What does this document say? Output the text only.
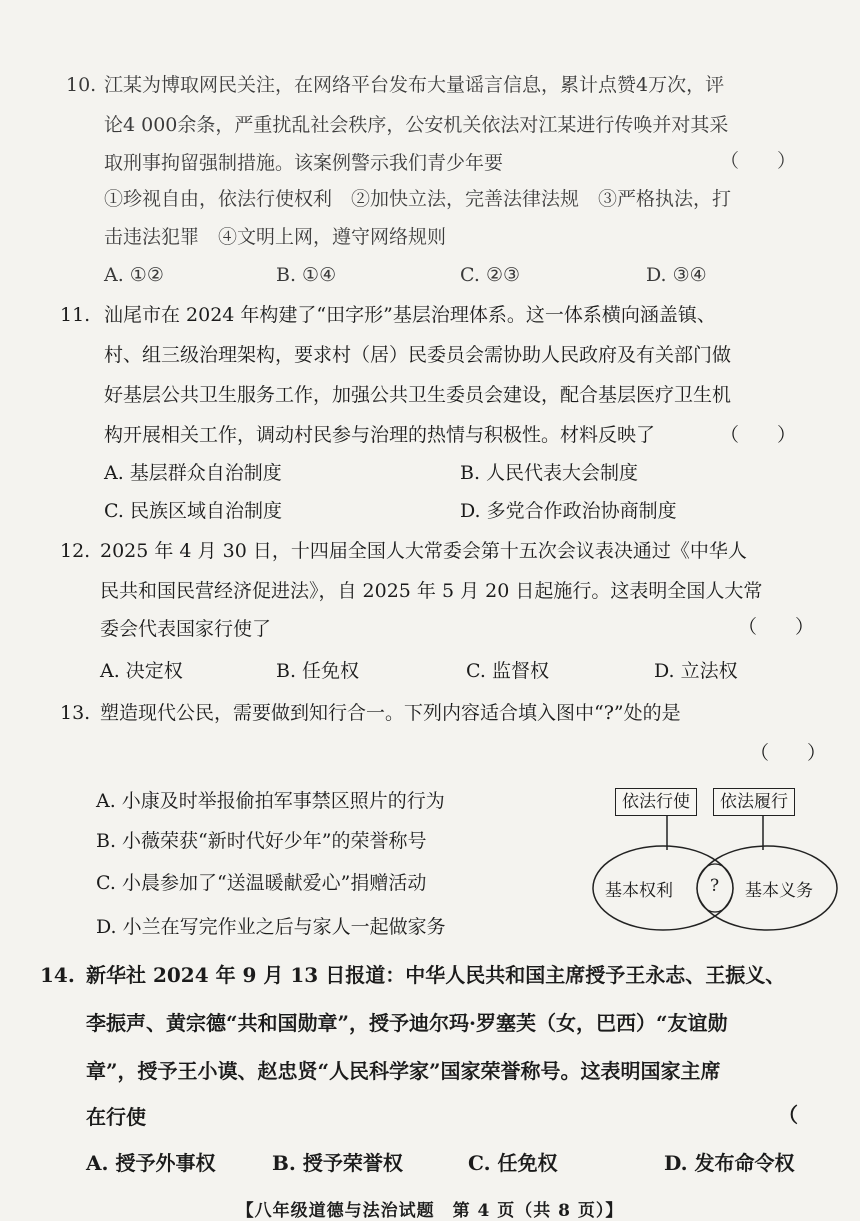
10. 江某为博取网民关注，在网络平台发布大量谣言信息，累计点赞4万次，评
论4 000余条，严重扰乱社会秩序，公安机关依法对江某进行传唤并对其采
取刑事拘留强制措施。该案例警示我们青少年要	（　　）
①珍视自由，依法行使权利　②加快立法，完善法律法规　③严格执法，打
击违法犯罪　④文明上网，遵守网络规则
A. ①②	B. ①④	C. ②③	D. ③④
11. 汕尾市在 2024 年构建了“田字形”基层治理体系。这一体系横向涵盖镇、
村、组三级治理架构，要求村（居）民委员会需协助人民政府及有关部门做
好基层公共卫生服务工作，加强公共卫生委员会建设，配合基层医疗卫生机
构开展相关工作，调动村民参与治理的热情与积极性。材料反映了	（　　）
A. 基层群众自治制度	B. 人民代表大会制度
C. 民族区域自治制度	D. 多党合作政治协商制度
12. 2025 年 4 月 30 日，十四届全国人大常委会第十五次会议表决通过《中华人
民共和国民营经济促进法》，自 2025 年 5 月 20 日起施行。这表明全国人大常
委会代表国家行使了	（　　）
A. 决定权	B. 任免权	C. 监督权	D. 立法权
13. 塑造现代公民，需要做到知行合一。下列内容适合填入图中“?”处的是
（　　）
A. 小康及时举报偷拍军事禁区照片的行为
B. 小薇荣获“新时代好少年”的荣誉称号
C. 小晨参加了“送温暖献爱心”捐赠活动
D. 小兰在写完作业之后与家人一起做家务
依法行使	依法履行
基本权利 ? 基本义务
14. 新华社 2024 年 9 月 13 日报道：中华人民共和国主席授予王永志、王振义、
李振声、黄宗德“共和国勋章”，授予迪尔玛·罗塞芙（女，巴西）“友谊勋
章”，授予王小谟、赵忠贤“人民科学家”国家荣誉称号。这表明国家主席
在行使	（
A. 授予外事权	B. 授予荣誉权	C. 任免权	D. 发布命令权
【八年级道德与法治试题　第 4 页（共 8 页）】
